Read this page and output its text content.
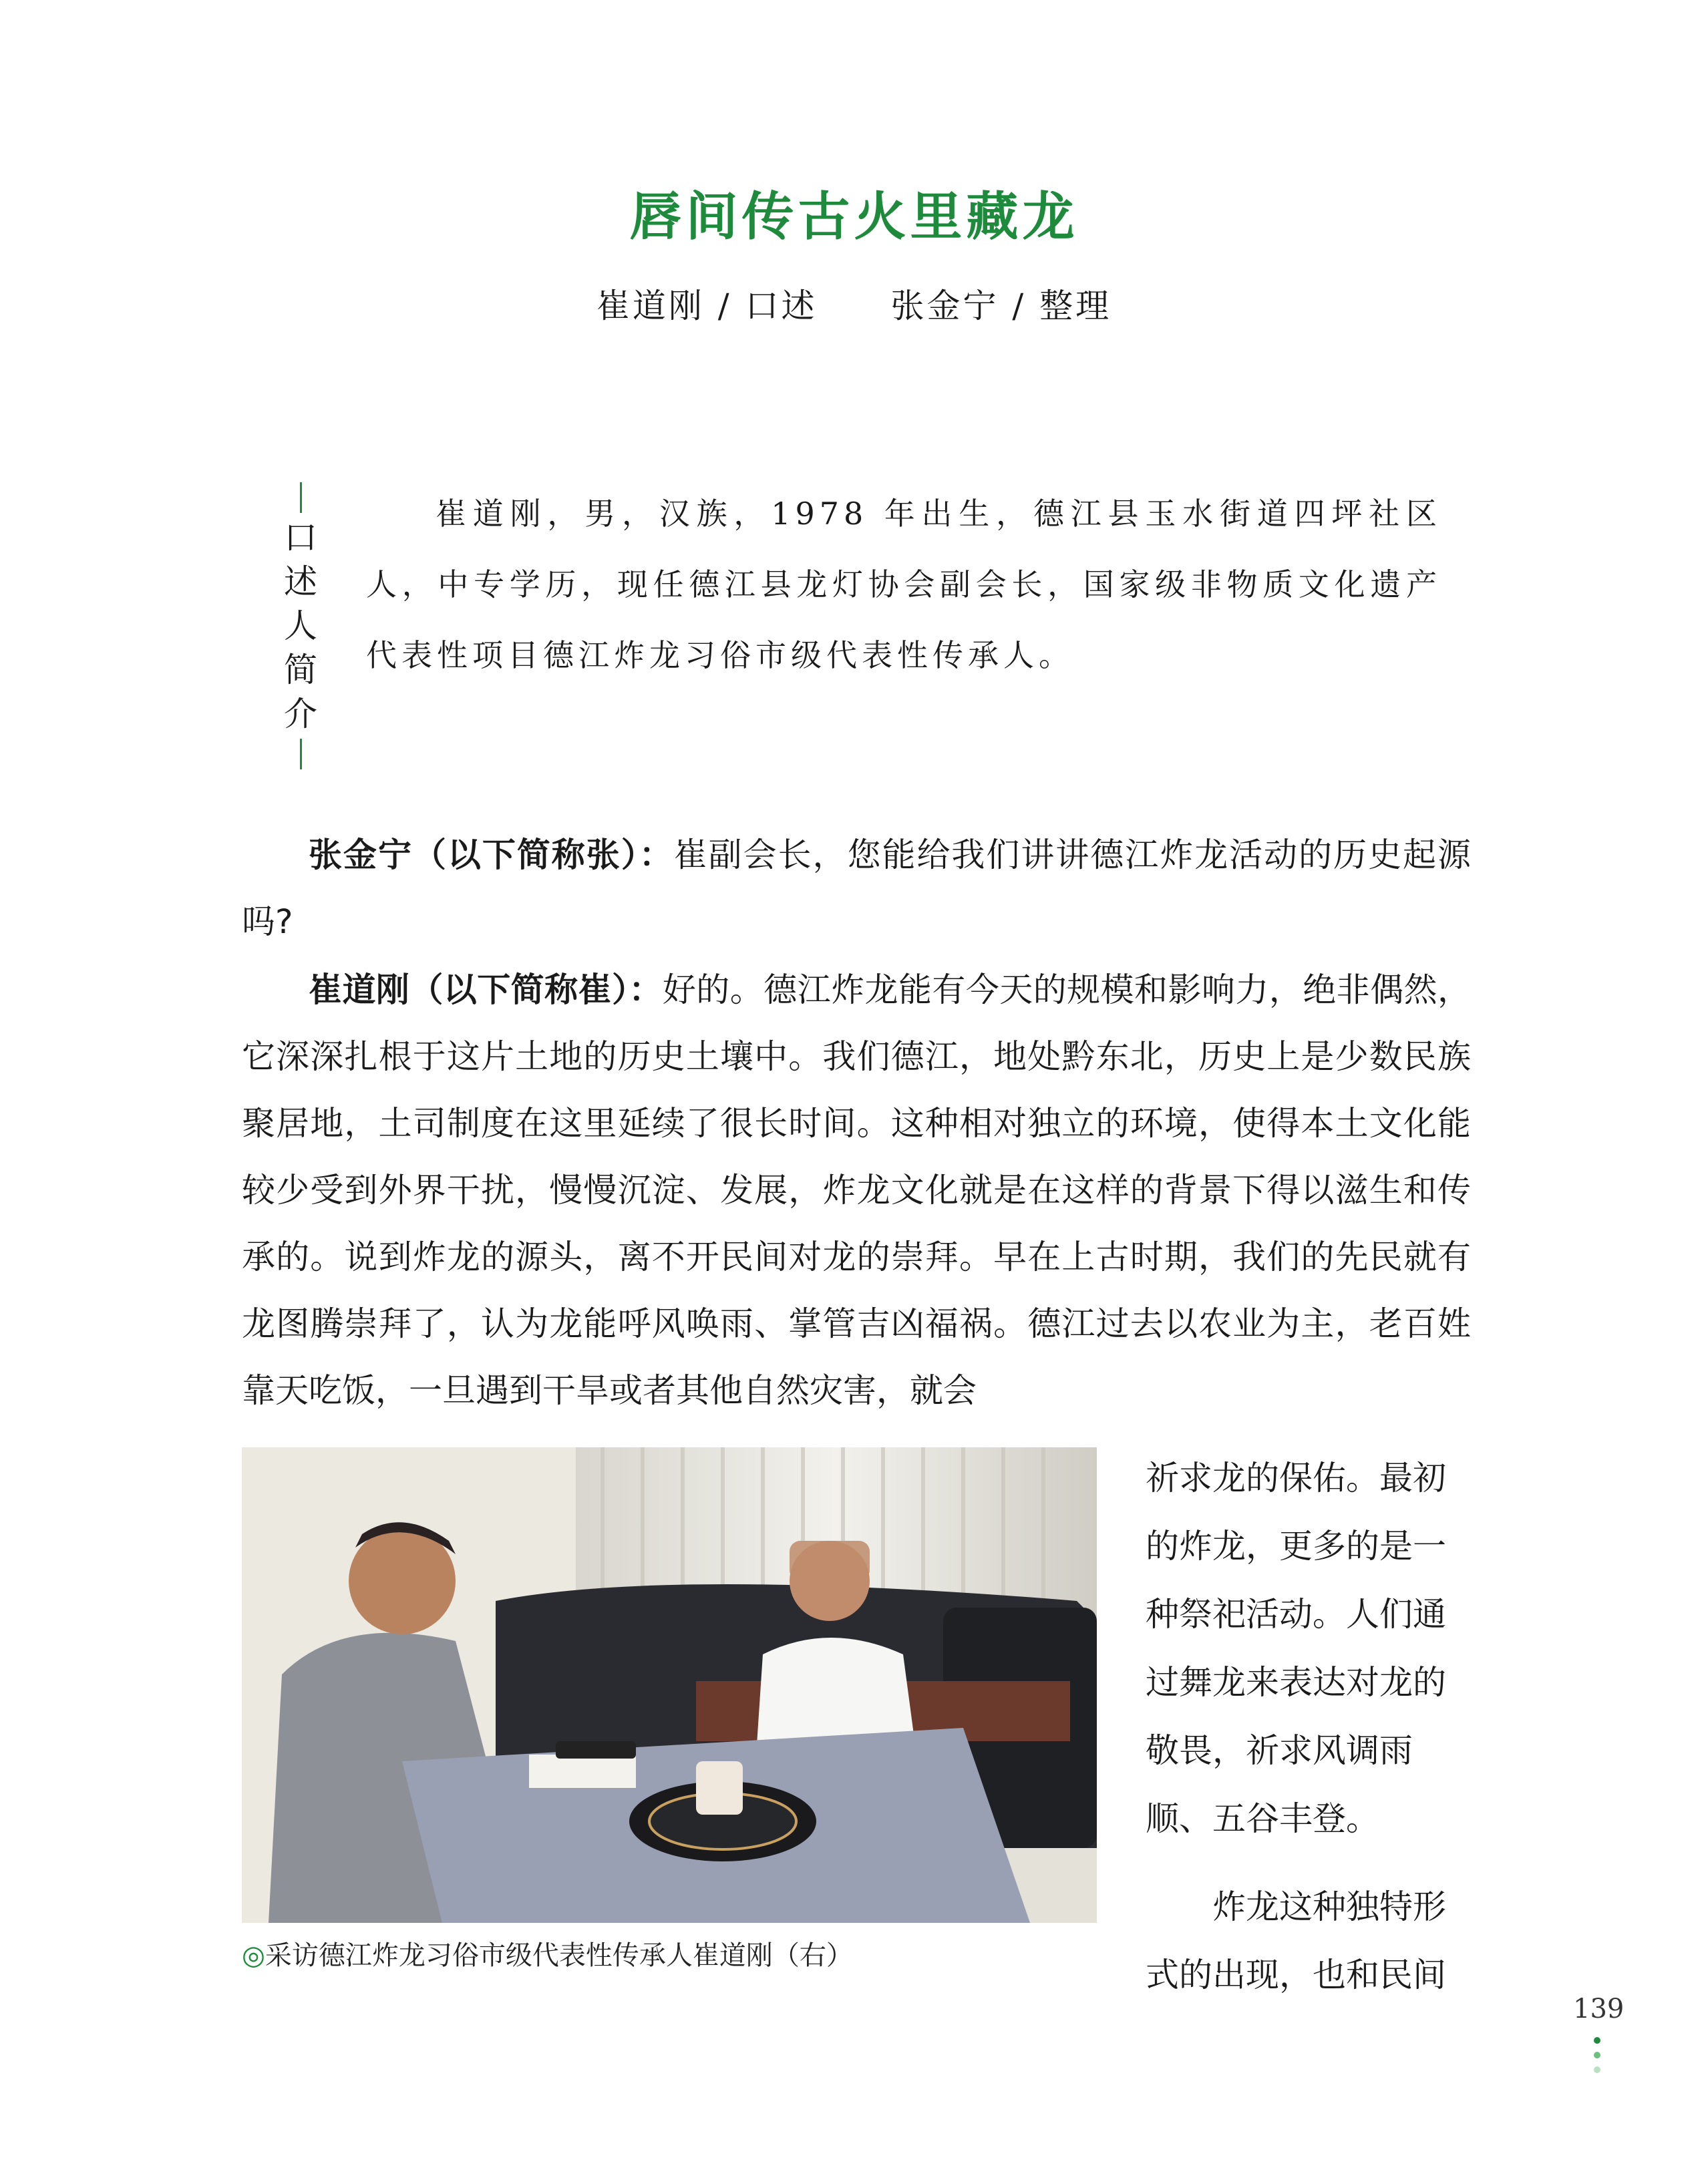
唇间传古火里藏龙
崔道刚 / 口述 张金宁 / 整理
口
述
人
简
介
崔道刚，男，汉族，1978 年出生，德江县玉水街道四坪社区人，中专学历，现任德江县龙灯协会副会长，国家级非物质文化遗产代表性项目德江炸龙习俗市级代表性传承人。
张金宁（以下简称张）：崔副会长，您能给我们讲讲德江炸龙活动的历史起源吗?
崔道刚（以下简称崔）：好的。德江炸龙能有今天的规模和影响力，绝非偶然，它深深扎根于这片土地的历史土壤中。我们德江，地处黔东北，历史上是少数民族聚居地，土司制度在这里延续了很长时间。这种相对独立的环境，使得本土文化能较少受到外界干扰，慢慢沉淀、发展，炸龙文化就是在这样的背景下得以滋生和传承的。说到炸龙的源头，离不开民间对龙的崇拜。早在上古时期，我们的先民就有龙图腾崇拜了，认为龙能呼风唤雨、掌管吉凶福祸。德江过去以农业为主，老百姓靠天吃饭，一旦遇到干旱或者其他自然灾害，就会
◎采访德江炸龙习俗市级代表性传承人崔道刚（右）
祈求龙的保佑。最初
的炸龙，更多的是一
种祭祀活动。人们通
过舞龙来表达对龙的
敬畏，祈求风调雨
顺、五谷丰登。
炸龙这种独特形
式的出现，也和民间
139
